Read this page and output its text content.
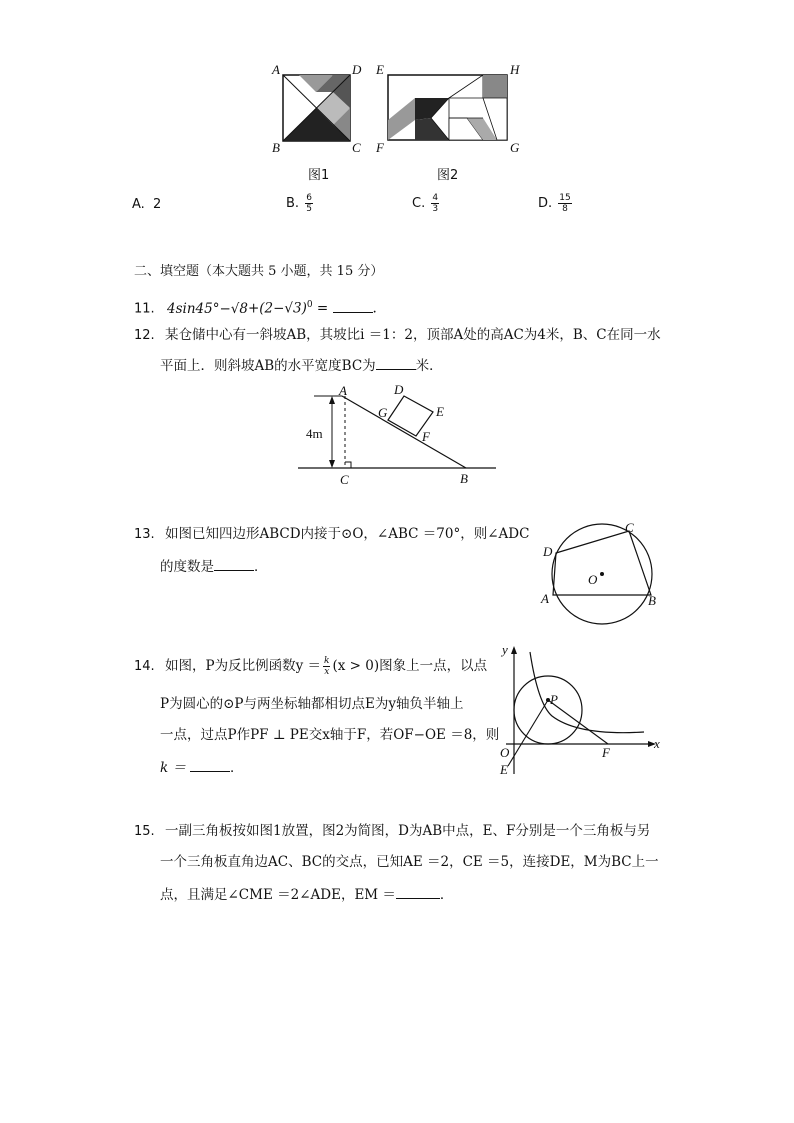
A	D
B	C
图1
E	H
F	G
图2
A. 2	B. $\frac{6}{5}$	C. $\frac{4}{3}$	D. $\frac{15}{8}$
二、填空题（本大题共 5 小题，共 15 分）
11. $4\sin 45^\circ-√8+(2-√3)^0$ =	.
12. 某仓储中心有一斜坡AB，其坡比i ＝1：2，顶部A处的高AC为4米，B、C在同一水
平面上．则斜坡AB的水平宽度BC为	米．
A	D
E
G
F
4m
C	B
13. 如图已知四边形ABCD内接于⊙O，∠ABC ＝70°，则∠ADC
的度数是	．
C
D
O
A	B
14. 如图，P为反比例函数$y = \frac{k}{x} (x > 0)$图象上一点，以点
P为圆心的⊙P与两坐标轴都相切点E为y轴负半轴上
一点，过点P作PF ⊥ PE交x轴于F，若OF−OE ＝8，则
k ＝	．
y
P
x
O	F
E
15. 一副三角板按如图1放置，图2为简图，D为AB中点，E、F分别是一个三角板与另
一个三角板直角边AC、BC的交点，已知AE ＝2，CE ＝5，连接DE，M为BC上一
点，且满足∠CME ＝2∠ADE，EM ＝	．
